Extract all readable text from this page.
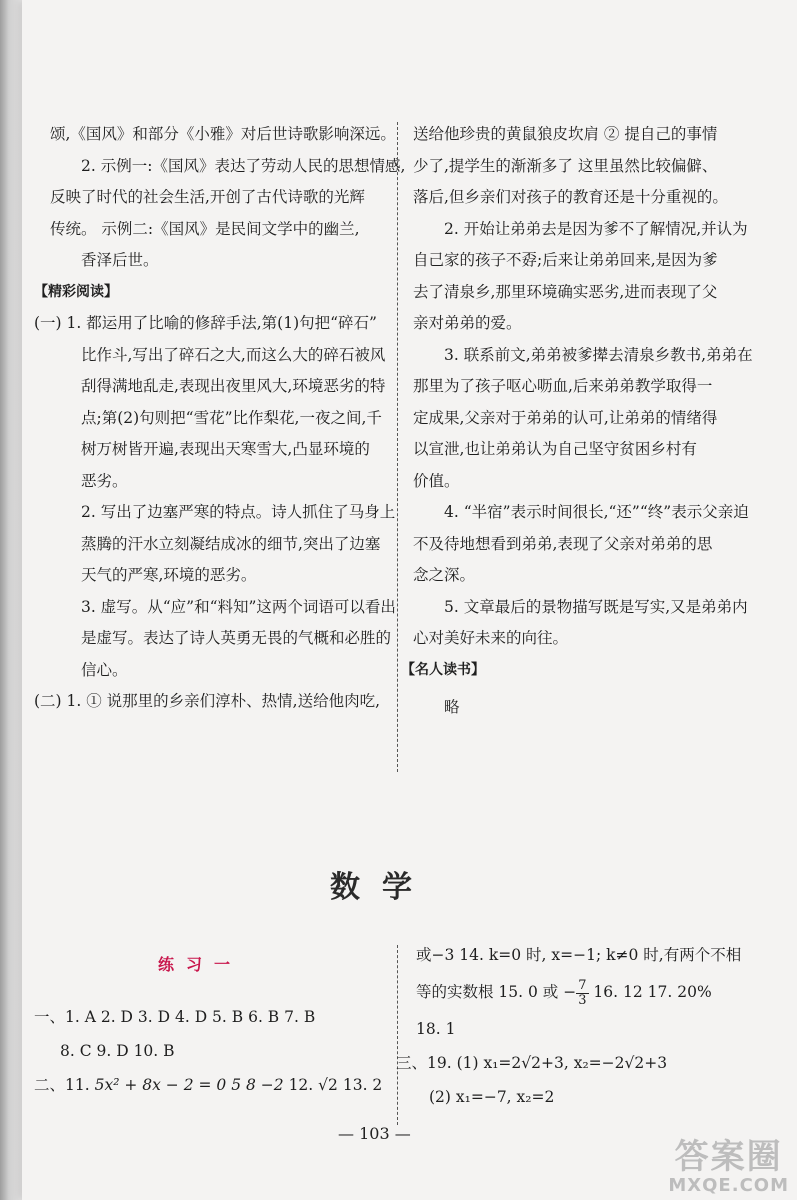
颂,《国风》和部分《小雅》对后世诗歌影响深远。

2. 示例一:《国风》表达了劳动人民的思想情感,

反映了时代的社会生活,开创了古代诗歌的光辉

传统。 示例二:《国风》是民间文学中的幽兰,

香泽后世。

【精彩阅读】

(一) 1. 都运用了比喻的修辞手法,第(1)句把“碎石”

比作斗,写出了碎石之大,而这么大的碎石被风

刮得满地乱走,表现出夜里风大,环境恶劣的特

点;第(2)句则把“雪花”比作梨花,一夜之间,千

树万树皆开遍,表现出天寒雪大,凸显环境的

恶劣。

2. 写出了边塞严寒的特点。诗人抓住了马身上

蒸腾的汗水立刻凝结成冰的细节,突出了边塞

天气的严寒,环境的恶劣。

3. 虚写。从“应”和“料知”这两个词语可以看出

是虚写。表达了诗人英勇无畏的气概和必胜的

信心。

(二) 1. ① 说那里的乡亲们淳朴、热情,送给他肉吃,

送给他珍贵的黄鼠狼皮坎肩 ② 提自己的事情

少了,提学生的渐渐多了 这里虽然比较偏僻、

落后,但乡亲们对孩子的教育还是十分重视的。

2. 开始让弟弟去是因为爹不了解情况,并认为

自己家的孩子不孬;后来让弟弟回来,是因为爹

去了清泉乡,那里环境确实恶劣,进而表现了父

亲对弟弟的爱。

3. 联系前文,弟弟被爹撵去清泉乡教书,弟弟在

那里为了孩子呕心呖血,后来弟弟教学取得一

定成果,父亲对于弟弟的认可,让弟弟的情绪得

以宣泄,也让弟弟认为自己坚守贫困乡村有

价值。

4. “半宿”表示时间很长,“还”“终”表示父亲迫

不及待地想看到弟弟,表现了父亲对弟弟的思

念之深。

5. 文章最后的景物描写既是写实,又是弟弟内

心对美好未来的向往。

【名人读书】

略

数学
练习一

一、1. A 2. D 3. D 4. D 5. B 6. B 7. B

8. C 9. D 10. B

二、11. 5x² + 8x − 2 = 0 5 8 −2 12. √2 13. 2

或−3 14. k=0 时, x=−1; k≠0 时,有两个不相

等的实数根 15. 0 或 − $\frac{7}{3} 16$. 12 17. 20%

18. 1

三、19. (1) x₁=2√2+3, x₂=−2√2+3

(2) x₁=−7, x₂=2

— 103 —
答案圈
MXQE.COM
